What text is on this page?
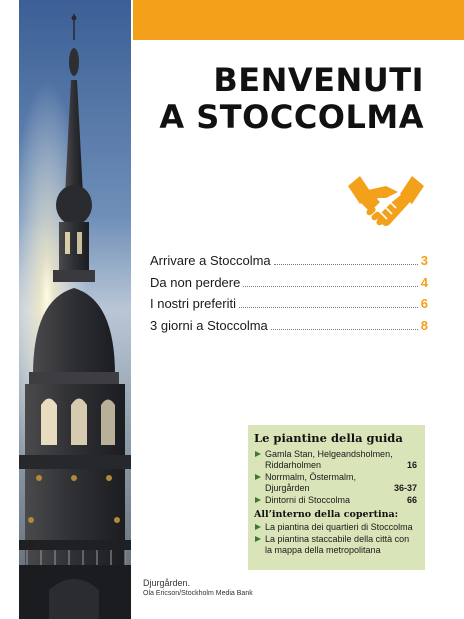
BENVENUTI
A STOCCOLMA
Arrivare a Stoccolma	3
Da non perdere	4
I nostri preferiti	6
3 giorni a Stoccolma	8
Le piantine della guida
Gamla Stan, Helgeandsholmen,
Riddarholmen	16
Norrmalm, Östermalm,
Djurgården	36-37
Dintorni di Stoccolma	66
All’interno della copertina:
La piantina dei quartieri di Stoccolma
La piantina staccabile della città con la mappa della metropolitana
Djurgården.
Ola Ericson/Stockholm Media Bank
